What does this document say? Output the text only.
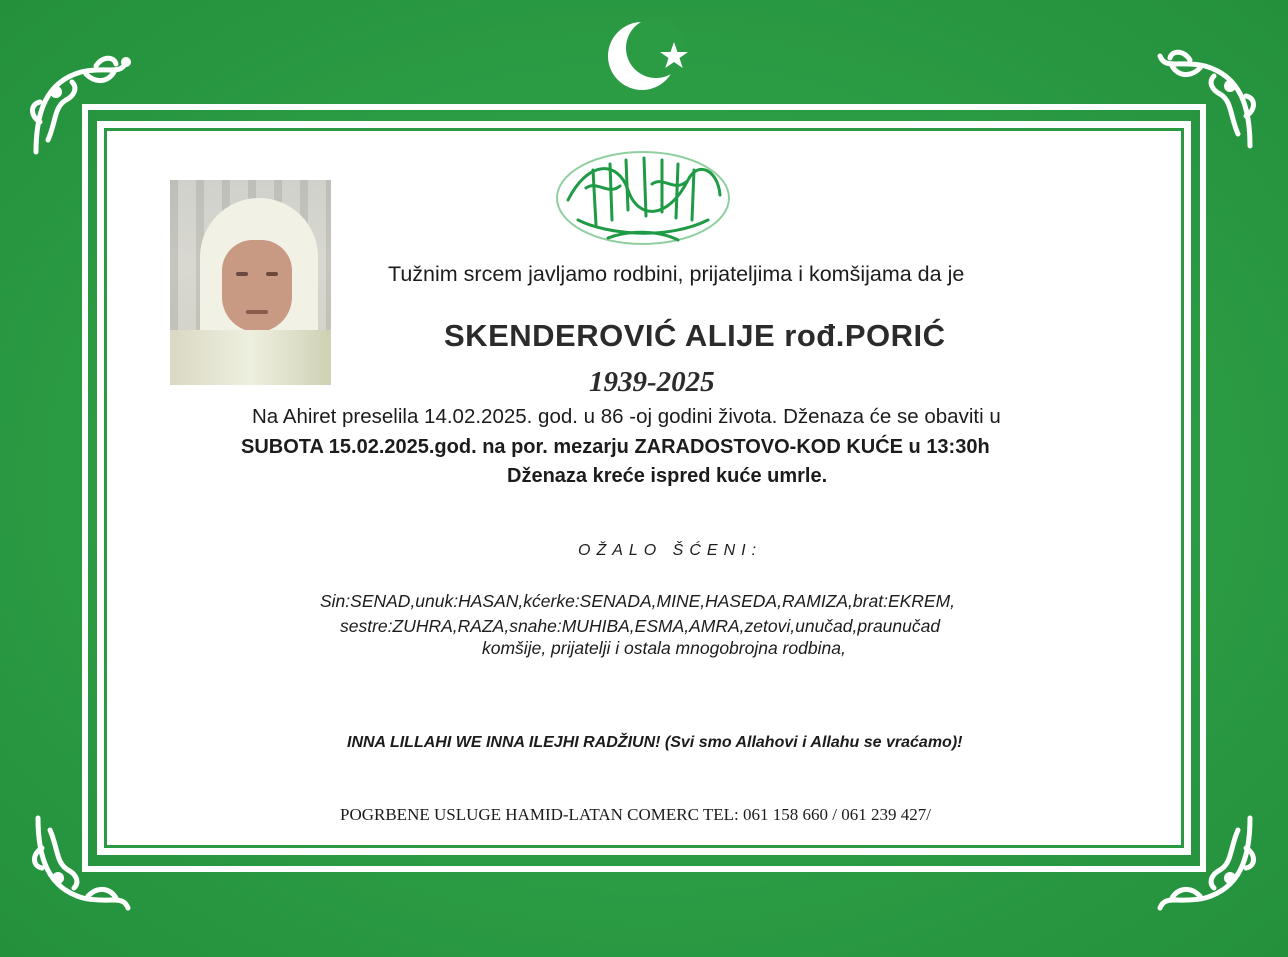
Tužnim srcem javljamo rodbini, prijateljima i komšijama da je
SKENDEROVIĆ ALIJE rođ.PORIĆ
1939-2025
Na Ahiret preselila 14.02.2025. god. u 86 -oj godini života. Dženaza će se obaviti u
SUBOTA 15.02.2025.god. na por. mezarju ZARADOSTOVO-KOD KUĆE u 13:30h
Dženaza kreće ispred kuće umrle.
OŽALO ŠĆENI:
Sin:SENAD,unuk:HASAN,kćerke:SENADA,MINE,HASEDA,RAMIZA,brat:EKREM,
sestre:ZUHRA,RAZA,snahe:MUHIBA,ESMA,AMRA,zetovi,unučad,praunučad
komšije, prijatelji i ostala mnogobrojna rodbina,
INNA LILLAHI WE INNA ILEJHI RADŽIUN! (Svi smo Allahovi i Allahu se vraćamo)!
POGRBENE USLUGE HAMID-LATAN COMERC TEL: 061 158 660 / 061 239 427/
